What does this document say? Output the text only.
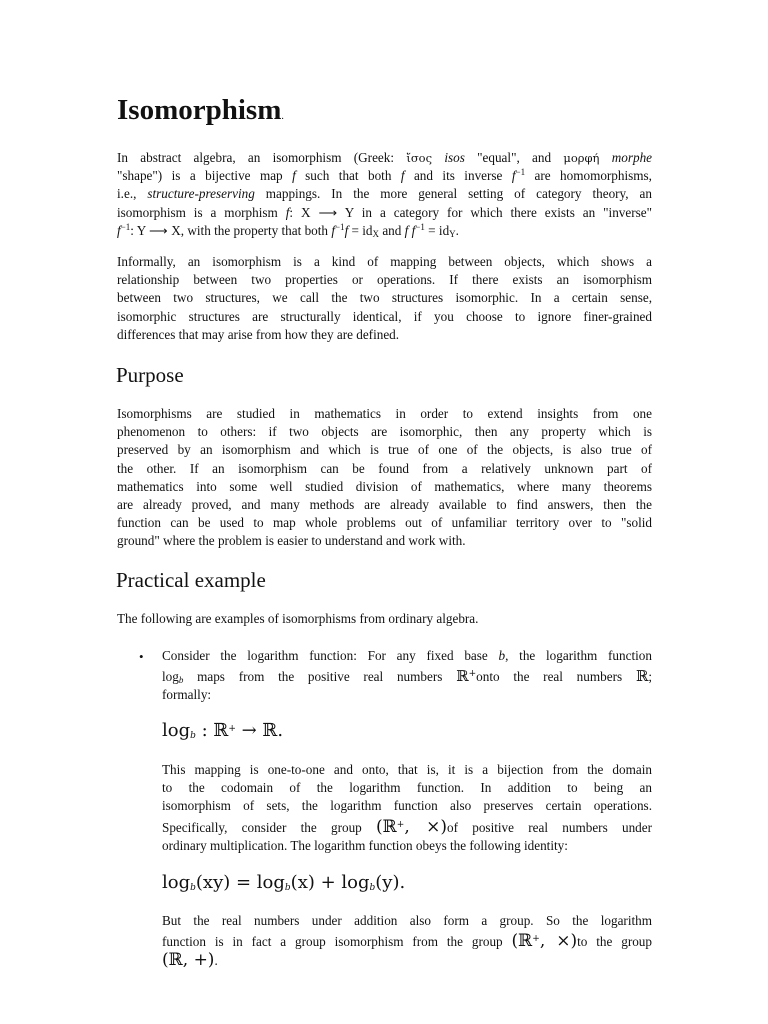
Isomorphism.
In abstract algebra, an isomorphism (Greek: ἴσος isos "equal", and μορφή morphe
"shape") is a bijective map f such that both f and its inverse $f^{-1}$ are homomorphisms,
i.e., structure-preserving mappings. In the more general setting of category theory, an
isomorphism is a morphism f: X ⟶ Y in a category for which there exists an "inverse"
$f^{-1}$: Y ⟶ X, with the property that both $f^{-1}f = id_X$ and f $f^{-1} = id_Y$.
Informally, an isomorphism is a kind of mapping between objects, which shows a
relationship between two properties or operations. If there exists an isomorphism
between two structures, we call the two structures isomorphic. In a certain sense,
isomorphic structures are structurally identical, if you choose to ignore finer-grained
differences that may arise from how they are defined.
Purpose
Isomorphisms are studied in mathematics in order to extend insights from one
phenomenon to others: if two objects are isomorphic, then any property which is
preserved by an isomorphism and which is true of one of the objects, is also true of
the other. If an isomorphism can be found from a relatively unknown part of
mathematics into some well studied division of mathematics, where many theorems
are already proved, and many methods are already available to find answers, then the
function can be used to map whole problems out of unfamiliar territory over to "solid
ground" where the problem is easier to understand and work with.
Practical example
The following are examples of isomorphisms from ordinary algebra.
• Consider the logarithm function: For any fixed base b, the logarithm function
$\log_b$ maps from the positive real numbers ℝ+onto the real numbers ℝ;
formally:
$\log_b$ : ℝ+ → ℝ.
This mapping is one-to-one and onto, that is, it is a bijection from the domain
to the codomain of the logarithm function. In addition to being an
isomorphism of sets, the logarithm function also preserves certain operations.
Specifically, consider the group (ℝ+, ×)of positive real numbers under
ordinary multiplication. The logarithm function obeys the following identity:
$\log_b(xy) = \log_b(x) + \log_b(y)$.
But the real numbers under addition also form a group. So the logarithm
function is in fact a group isomorphism from the group (ℝ+, ×)to the group
(ℝ, +).
